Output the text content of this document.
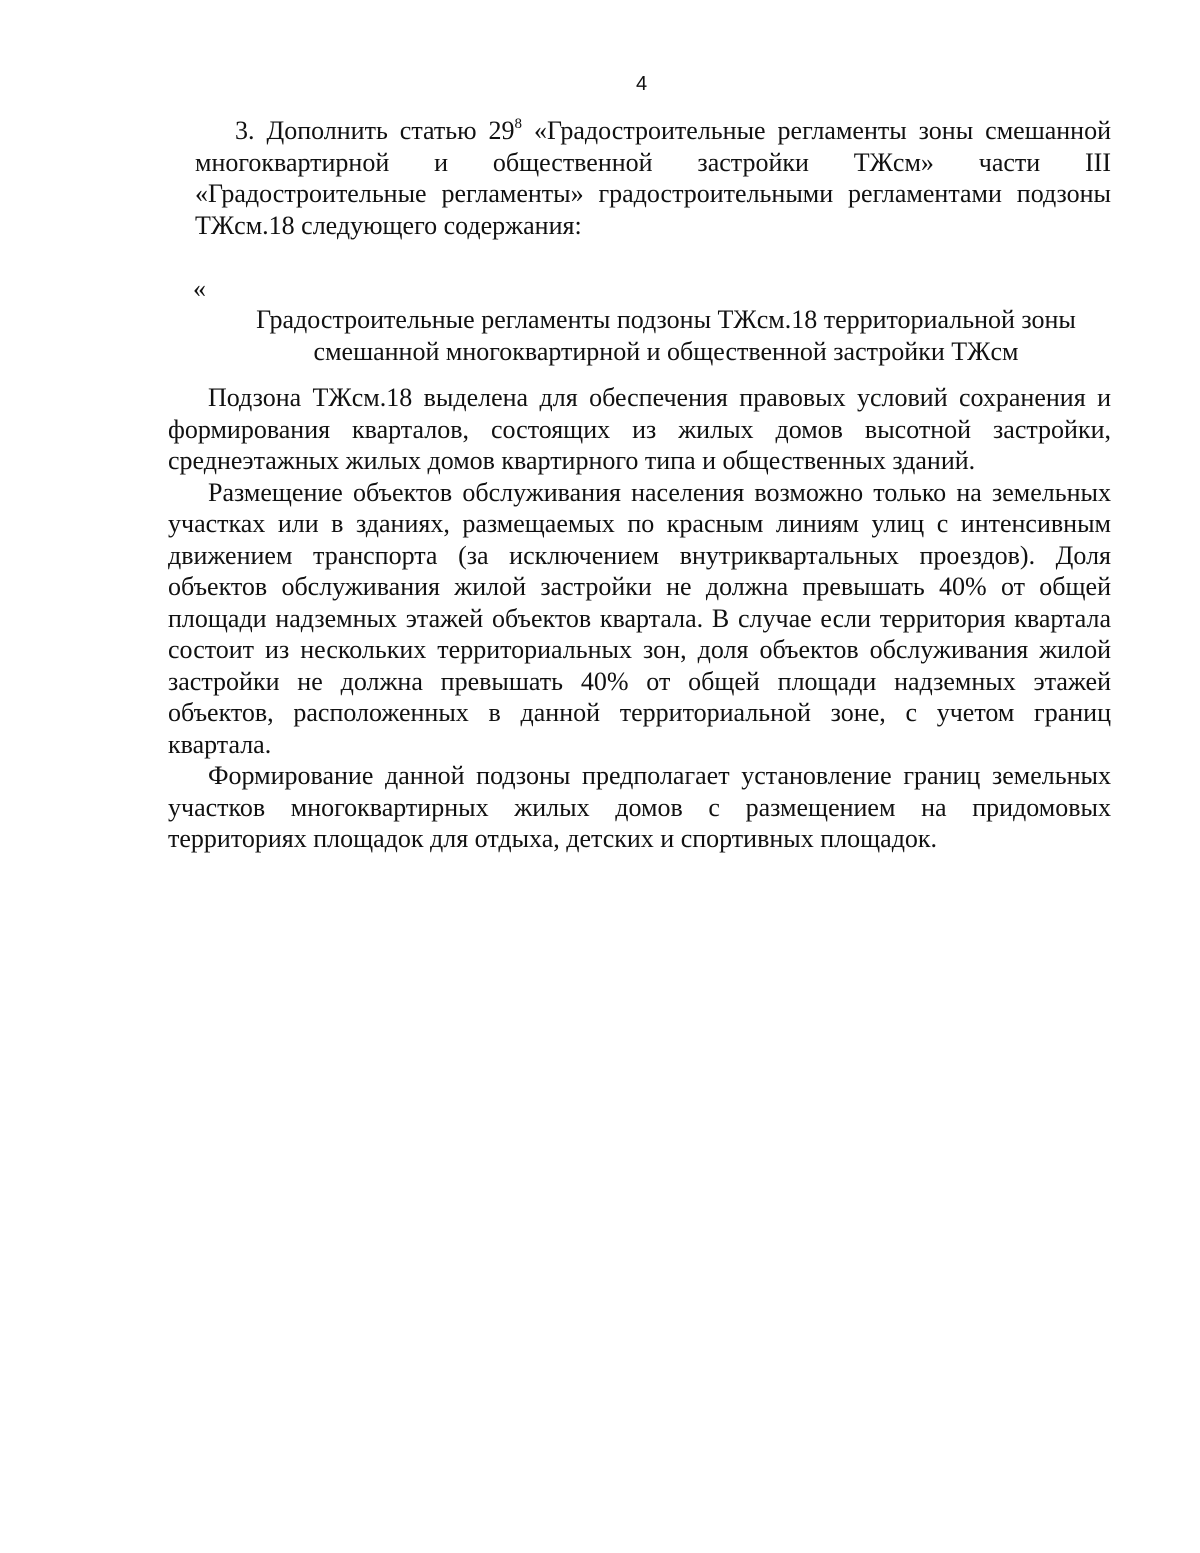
4
3. Дополнить статью $29^8$ «Градостроительные регламенты зоны смешанной многоквартирной и общественной застройки ТЖсм» части III «Градостроительные регламенты» градостроительными регламентами подзоны ТЖсм.18 следующего содержания:
«
Градостроительные регламенты подзоны ТЖсм.18 территориальной зоны
смешанной многоквартирной и общественной застройки ТЖсм

Подзона ТЖсм.18 выделена для обеспечения правовых условий сохранения и формирования кварталов, состоящих из жилых домов высотной застройки, среднеэтажных жилых домов квартирного типа и общественных зданий.

Размещение объектов обслуживания населения возможно только на земельных участках или в зданиях, размещаемых по красным линиям улиц с интенсивным движением транспорта (за исключением внутриквартальных проездов). Доля объектов обслуживания жилой застройки не должна превышать 40% от общей площади надземных этажей объектов квартала. В случае если территория квартала состоит из нескольких территориальных зон, доля объектов обслуживания жилой застройки не должна превышать 40% от общей площади надземных этажей объектов, расположенных в данной территориальной зоне, с учетом границ квартала.

Формирование данной подзоны предполагает установление границ земельных участков многоквартирных жилых домов с размещением на придомовых территориях площадок для отдыха, детских и спортивных площадок.
